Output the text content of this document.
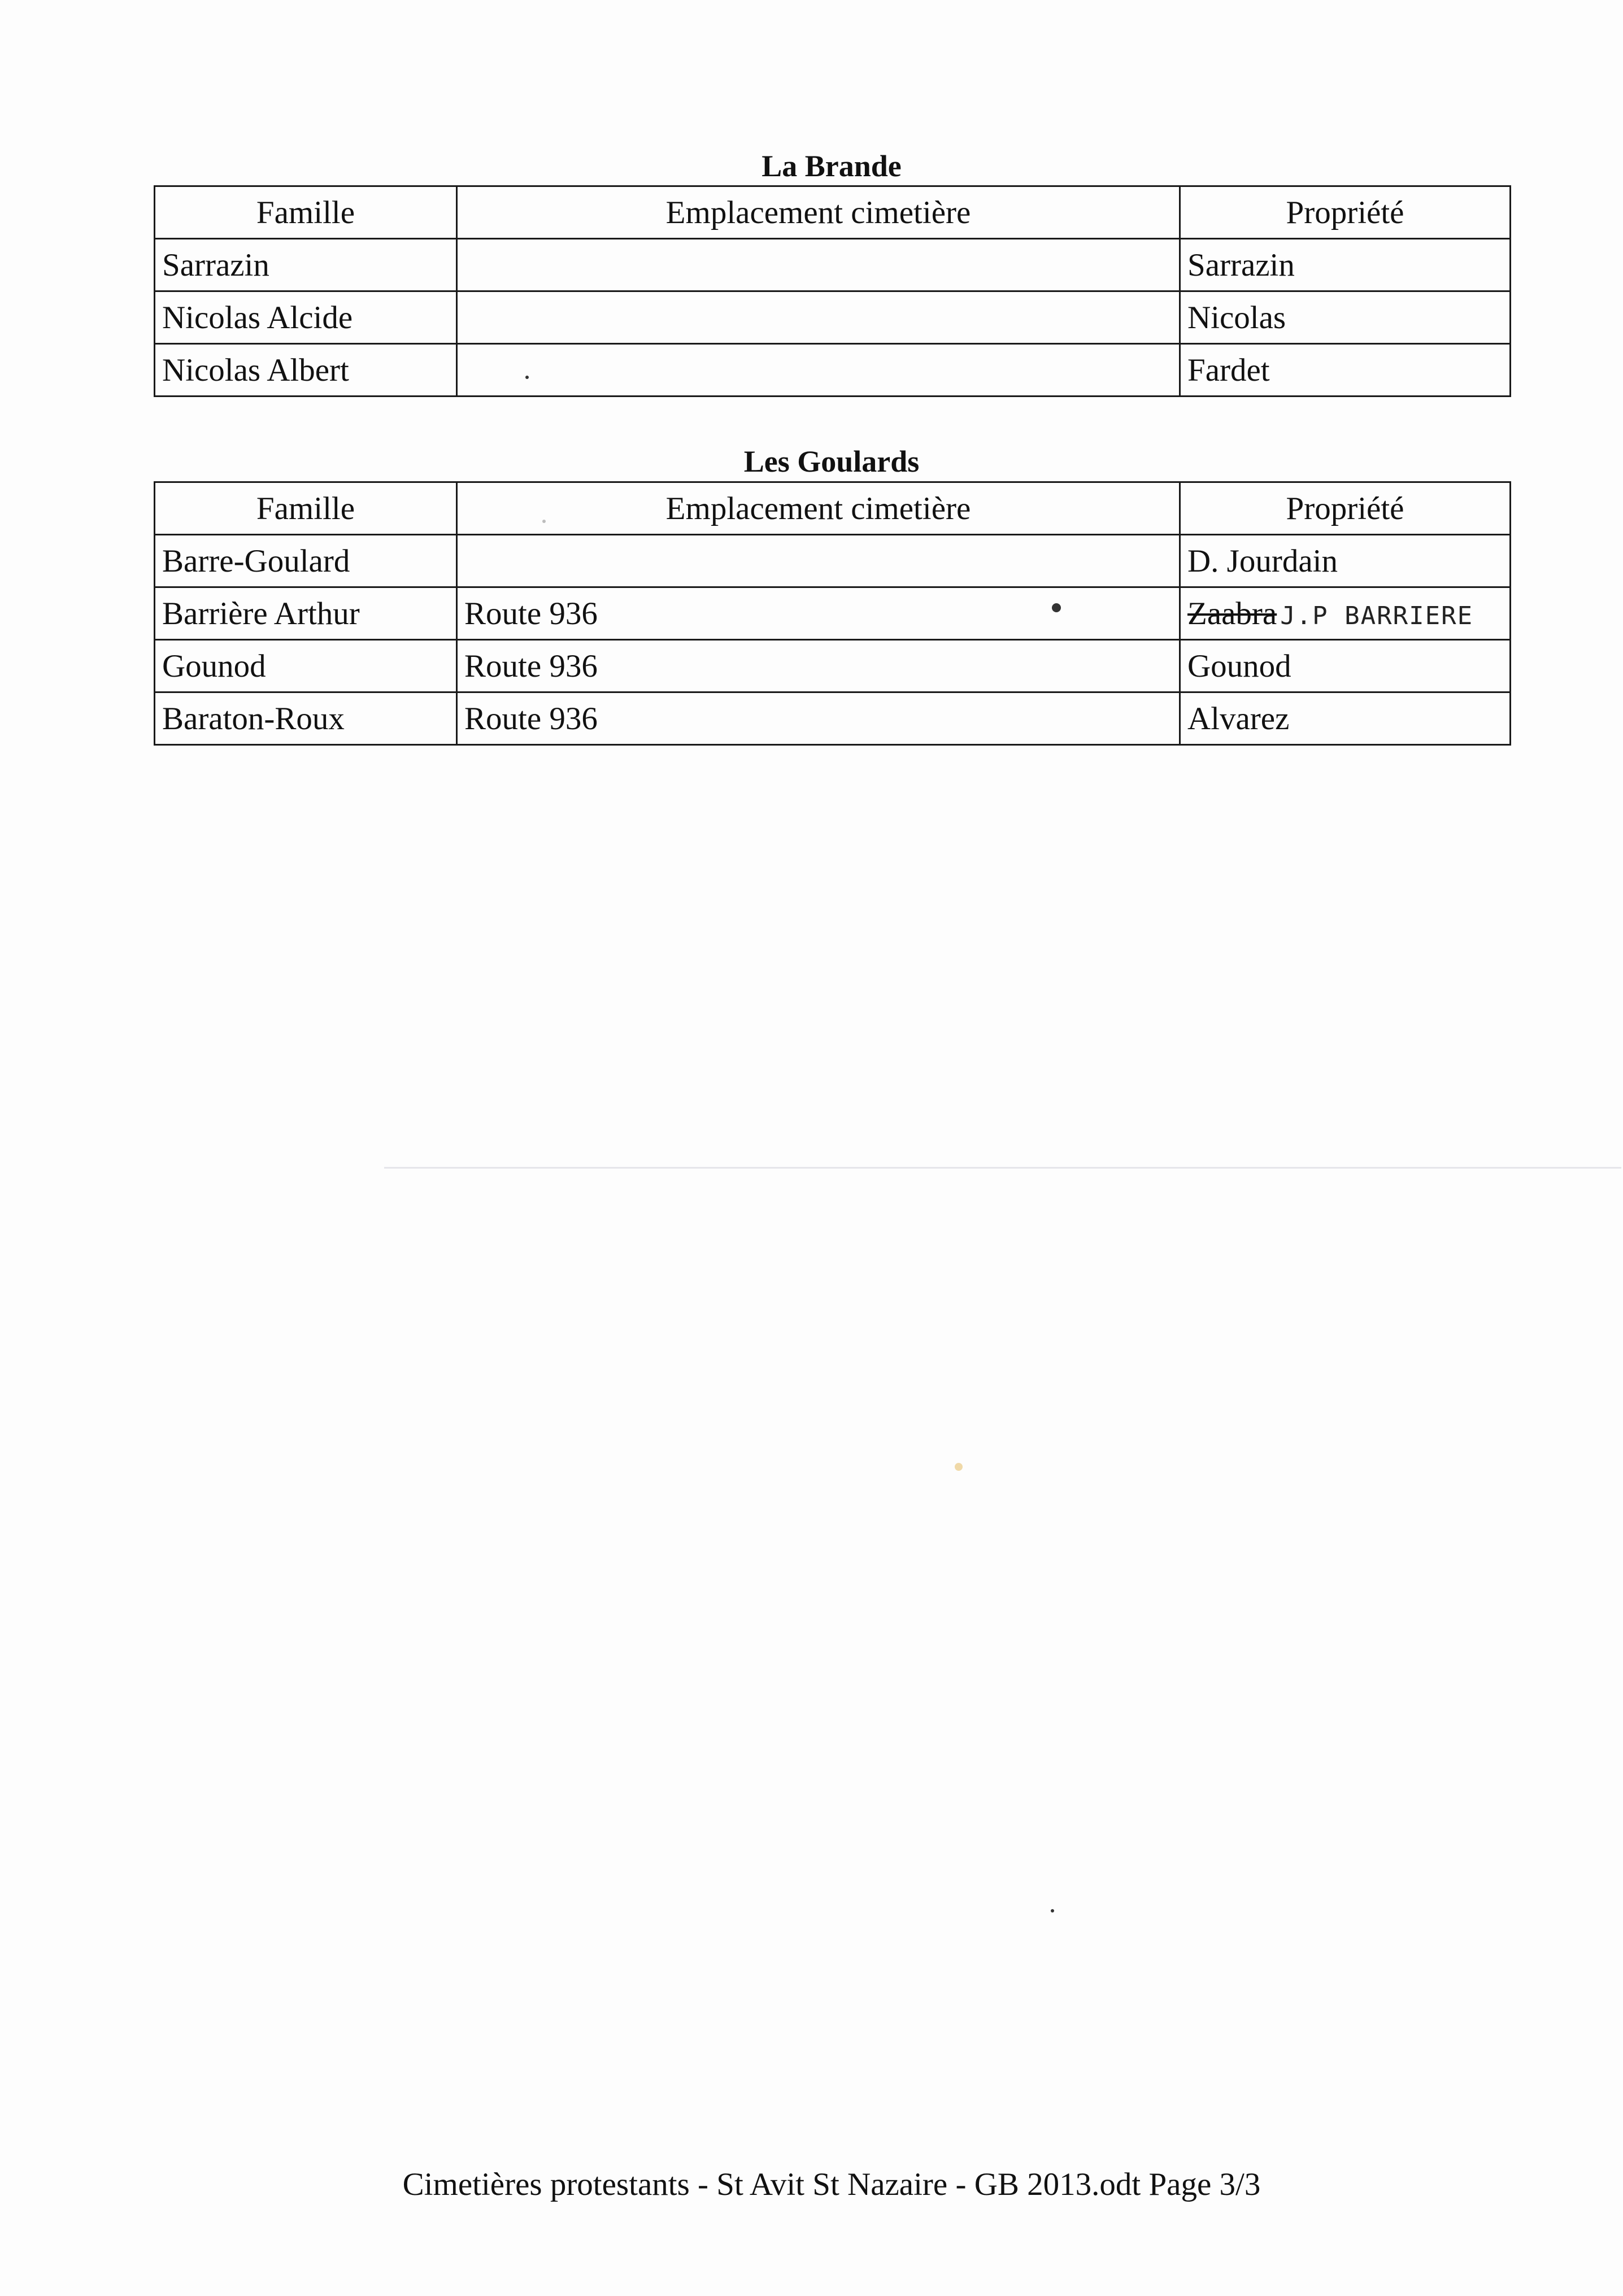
La Brande
Famille	Emplacement cimetière	Propriété
Sarrazin		Sarrazin
Nicolas Alcide		Nicolas
Nicolas Albert		Fardet
Les Goulards
Famille	Emplacement cimetière	Propriété
Barre-Goulard		D. Jourdain
Barrière Arthur	Route 936	Zaabra J.P BARRIERE
Gounod	Route 936	Gounod
Baraton-Roux	Route 936	Alvarez
Cimetières protestants - St Avit St Nazaire - GB 2013.odt Page 3/3
